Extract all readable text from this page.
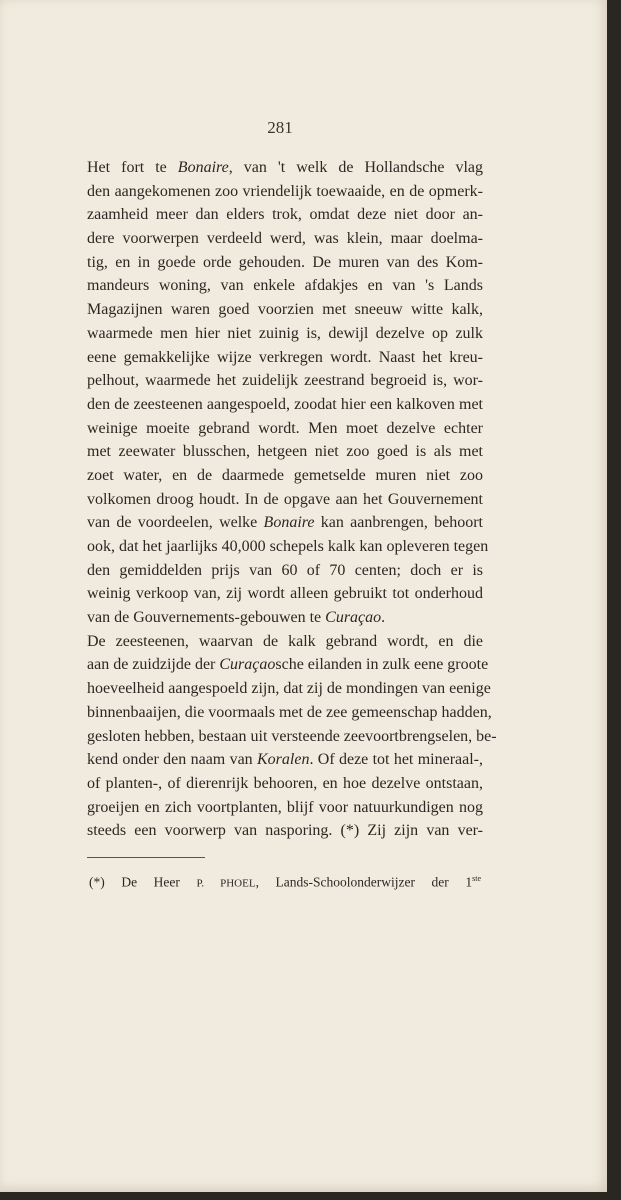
281
Het fort te Bonaire, van 't welk de Hollandsche vlag
den aangekomenen zoo vriendelijk toewaaide, en de opmerk-
zaamheid meer dan elders trok, omdat deze niet door an-
dere voorwerpen verdeeld werd, was klein, maar doelma-
tig, en in goede orde gehouden. De muren van des Kom-
mandeurs woning, van enkele afdakjes en van 's Lands
Magazijnen waren goed voorzien met sneeuw witte kalk,
waarmede men hier niet zuinig is, dewijl dezelve op zulk
eene gemakkelijke wijze verkregen wordt. Naast het kreu-
pelhout, waarmede het zuidelijk zeestrand begroeid is, wor-
den de zeesteenen aangespoeld, zoodat hier een kalkoven met
weinige moeite gebrand wordt. Men moet dezelve echter
met zeewater blusschen, hetgeen niet zoo goed is als met
zoet water, en de daarmede gemetselde muren niet zoo
volkomen droog houdt. In de opgave aan het Gouvernement
van de voordeelen, welke Bonaire kan aanbrengen, behoort
ook, dat het jaarlijks 40,000 schepels kalk kan opleveren tegen
den gemiddelden prijs van 60 of 70 centen; doch er is
weinig verkoop van, zij wordt alleen gebruikt tot onderhoud
van de Gouvernements-gebouwen te Curaçao.
De zeesteenen, waarvan de kalk gebrand wordt, en die
aan de zuidzijde der Curaçaosche eilanden in zulk eene groote
hoeveelheid aangespoeld zijn, dat zij de mondingen van eenige
binnenbaaijen, die voormaals met de zee gemeenschap hadden,
gesloten hebben, bestaan uit versteende zeevoortbrengselen, be-
kend onder den naam van Koralen. Of deze tot het mineraal-,
of planten-, of dierenrijk behooren, en hoe dezelve ontstaan,
groeijen en zich voortplanten, blijf voor natuurkundigen nog
steeds een voorwerp van nasporing. (*) Zij zijn van ver-
(*) De Heer P. PHOEL, Lands-Schoolonderwijzer der 1ste
